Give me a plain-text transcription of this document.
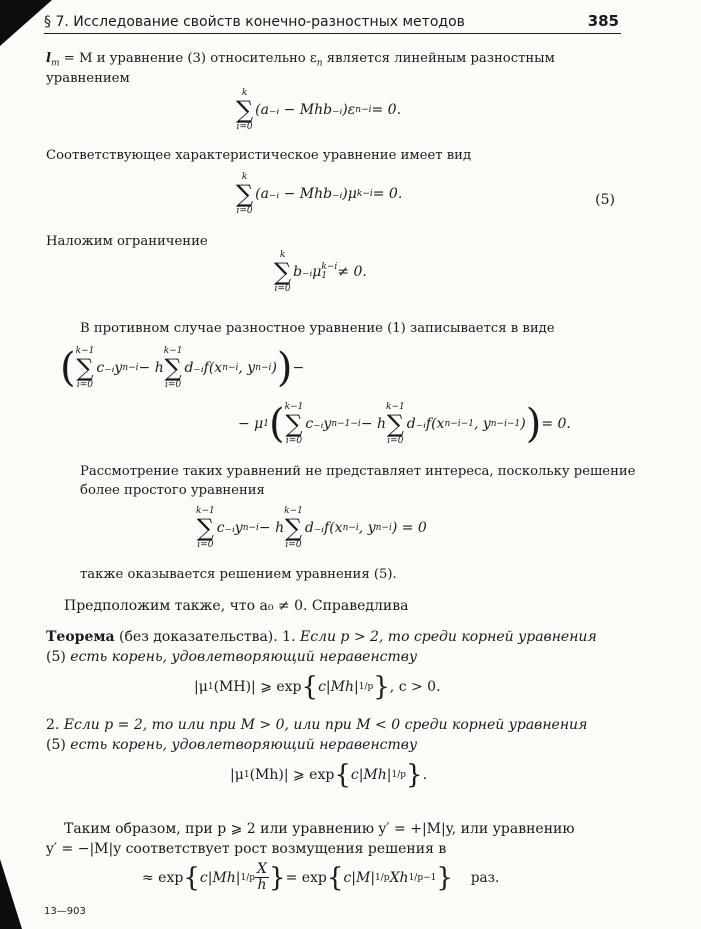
§ 7. Исследование свойств конечно-разностных методов	385
$l_m = M$ и уравнение (3) относительно $\varepsilon_n$ является линейным разностным
уравнением
k
∑
i=0
(a₋ᵢ − Mhb₋ᵢ)ε n−i = 0.
Соответствующее характеристическое уравнение имеет вид
k
∑
i=0
(a₋ᵢ − Mhb₋ᵢ)μ k−i = 0.	(5)
Наложим ограничение
k
∑
i=0
b₋ᵢμ k−i
1 ≠ 0.
В противном случае разностное уравнение (1) записывается в виде
( k−1
∑
i=0
c₋ᵢy n−i − h
k−1
∑
i=0
d₋ᵢf(x n−i , y n−i ) ) −
− μ 1 ( k−1
∑
i=0
c₋ᵢy n−1−i − h
k−1
∑
i=0
d₋ᵢf(x n−i−1 , y n−i−1 ) ) = 0.
Рассмотрение таких уравнений не представляет интереса, поскольку решение
более простого уравнения
k−1
∑
i=0
c₋ᵢy n−i − h
k−1
∑
i=0
d₋ᵢf(x n−i , y n−i ) = 0
также оказывается решением уравнения (5).
Предположим также, что a₀ ≠ 0. Справедлива
Теорема (без доказательства). 1. Если p > 2, то среди корней уравнения
(5) есть корень, удовлетворяющий неравенству
|μ 1 (MH)| ⩾ exp { c|Mh| 1/p } , c > 0.
2. Если p = 2, то или при M > 0, или при M < 0 среди корней уравнения
(5) есть корень, удовлетворяющий неравенству
|μ 1 (Mh)| ⩾ exp { c|Mh| 1/p } .
Таким образом, при p ⩾ 2 или уравнению y′ = +|M|y, или уравнению
y′ = −|M|y соответствует рост возмущения решения в
≈ exp { c|Mh| $1/p \frac{X}{h}$ } = exp { c|M| 1/p Xh 1/p−1 } раз.
13—903
